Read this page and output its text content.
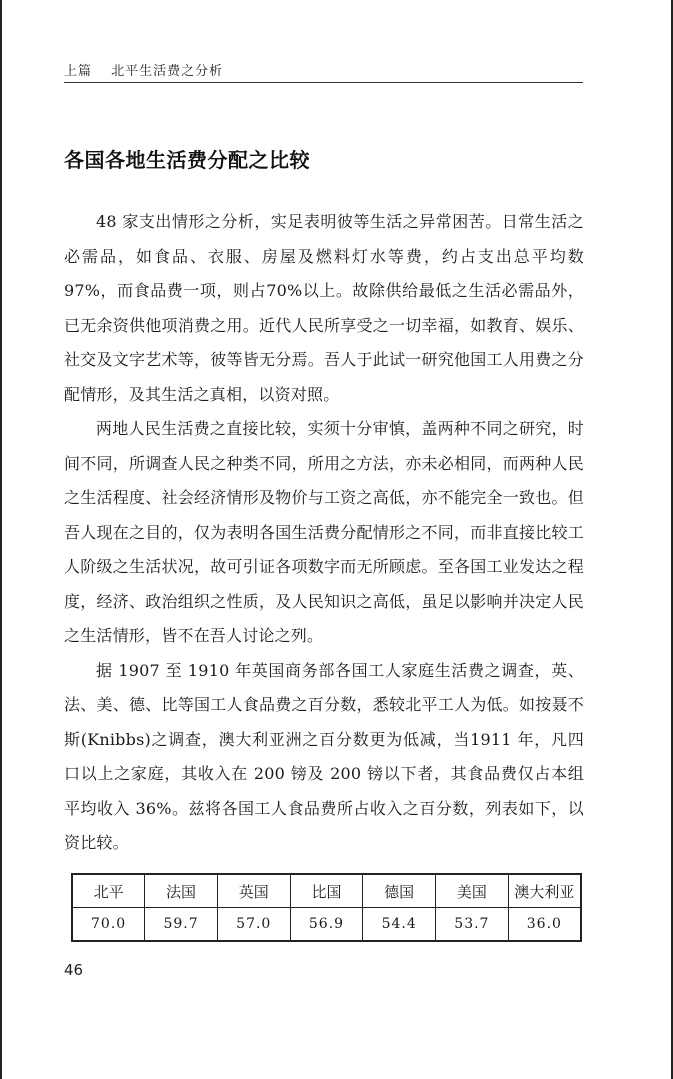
上篇 北平生活费之分析
各国各地生活费分配之比较

48 家支出情形之分析，实足表明彼等生活之异常困苦。日常生活之必需品，如食品、衣服、房屋及燃料灯水等费，约占支出总平均数97%，而食品费一项，则占70%以上。故除供给最低之生活必需品外，已无余资供他项消费之用。近代人民所享受之一切幸福，如教育、娱乐、社交及文字艺术等，彼等皆无分焉。吾人于此试一研究他国工人用费之分配情形，及其生活之真相，以资对照。

两地人民生活费之直接比较，实须十分审慎，盖两种不同之研究，时间不同，所调查人民之种类不同，所用之方法，亦未必相同，而两种人民之生活程度、社会经济情形及物价与工资之高低，亦不能完全一致也。但吾人现在之目的，仅为表明各国生活费分配情形之不同，而非直接比较工人阶级之生活状况，故可引证各项数字而无所顾虑。至各国工业发达之程度，经济、政治组织之性质，及人民知识之高低，虽足以影响并决定人民之生活情形，皆不在吾人讨论之列。

据 1907 至 1910 年英国商务部各国工人家庭生活费之调查，英、法、美、德、比等国工人食品费之百分数，悉较北平工人为低。如按聂不斯(Knibbs)之调查，澳大利亚洲之百分数更为低减，当1911 年，凡四口以上之家庭，其收入在 200 镑及 200 镑以下者，其食品费仅占本组平均收入 36%。兹将各国工人食品费所占收入之百分数，列表如下，以资比较。

北平	法国	英国	比国	德国	美国	澳大利亚
70.0	59.7	57.0	56.9	54.4	53.7	36.0
46
